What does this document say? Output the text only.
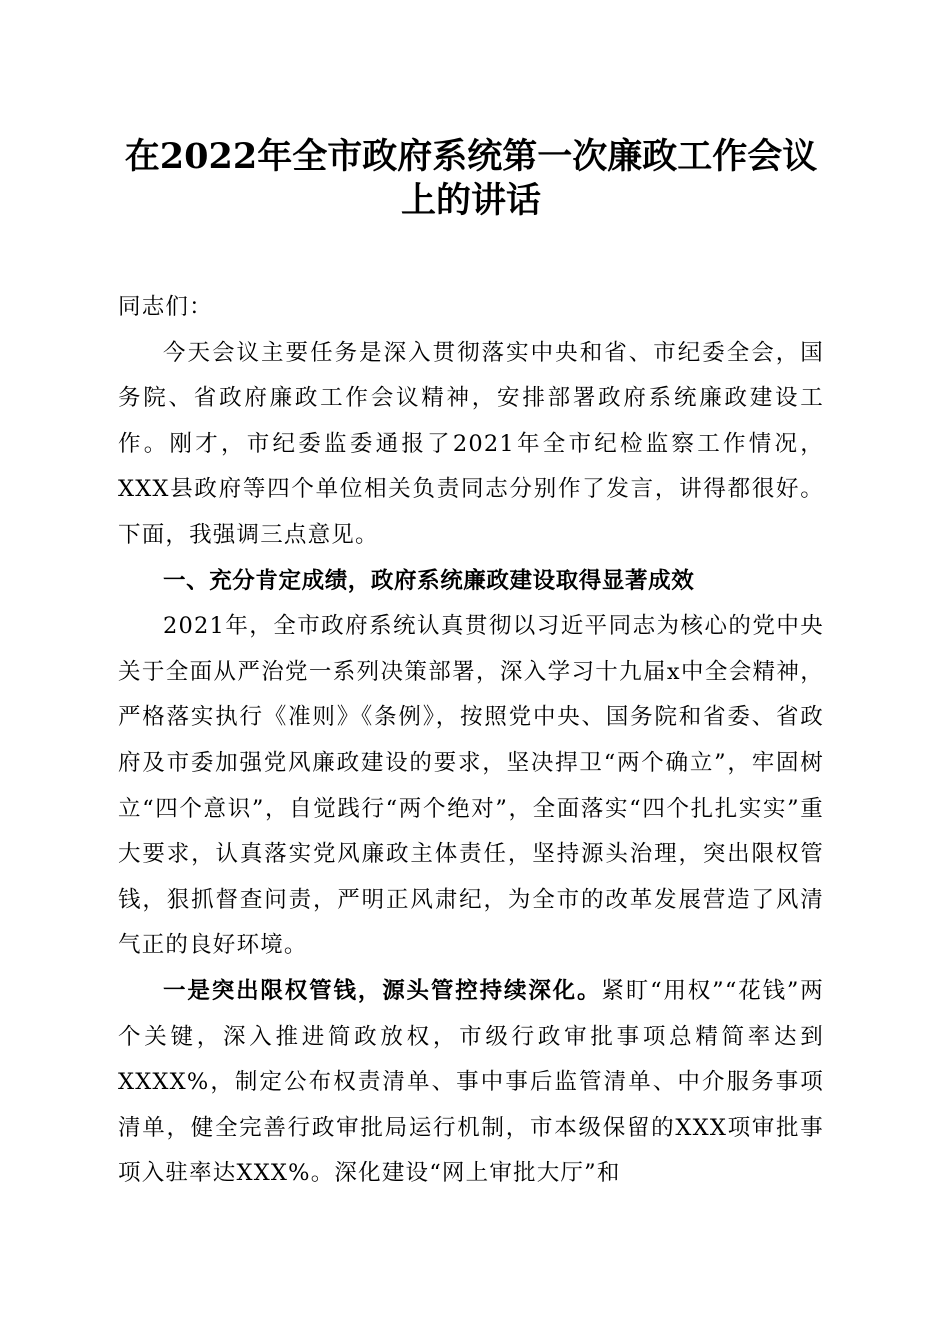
在2022年全市政府系统第一次廉政工作会议
上的讲话

同志们：

今天会议主要任务是深入贯彻落实中央和省、市纪委全会，国务院、省政府廉政工作会议精神，安排部署政府系统廉政建设工作。刚才，市纪委监委通报了2021年全市纪检监察工作情况，XXX县政府等四个单位相关负责同志分别作了发言，讲得都很好。下面，我强调三点意见。

一、充分肯定成绩，政府系统廉政建设取得显著成效

2021年，全市政府系统认真贯彻以习近平同志为核心的党中央关于全面从严治党一系列决策部署，深入学习十九届x中全会精神，严格落实执行《准则》《条例》，按照党中央、国务院和省委、省政府及市委加强党风廉政建设的要求，坚决捍卫“两个确立”，牢固树立“四个意识”，自觉践行“两个绝对”，全面落实“四个扎扎实实”重大要求，认真落实党风廉政主体责任，坚持源头治理，突出限权管钱，狠抓督查问责，严明正风肃纪，为全市的改革发展营造了风清气正的良好环境。

一是突出限权管钱，源头管控持续深化。紧盯“用权”“花钱”两个关键，深入推进简政放权，市级行政审批事项总精简率达到XXXX%，制定公布权责清单、事中事后监管清单、中介服务事项清单，健全完善行政审批局运行机制，市本级保留的XXX项审批事项入驻率达XXX%。深化建设“网上审批大厅”和
